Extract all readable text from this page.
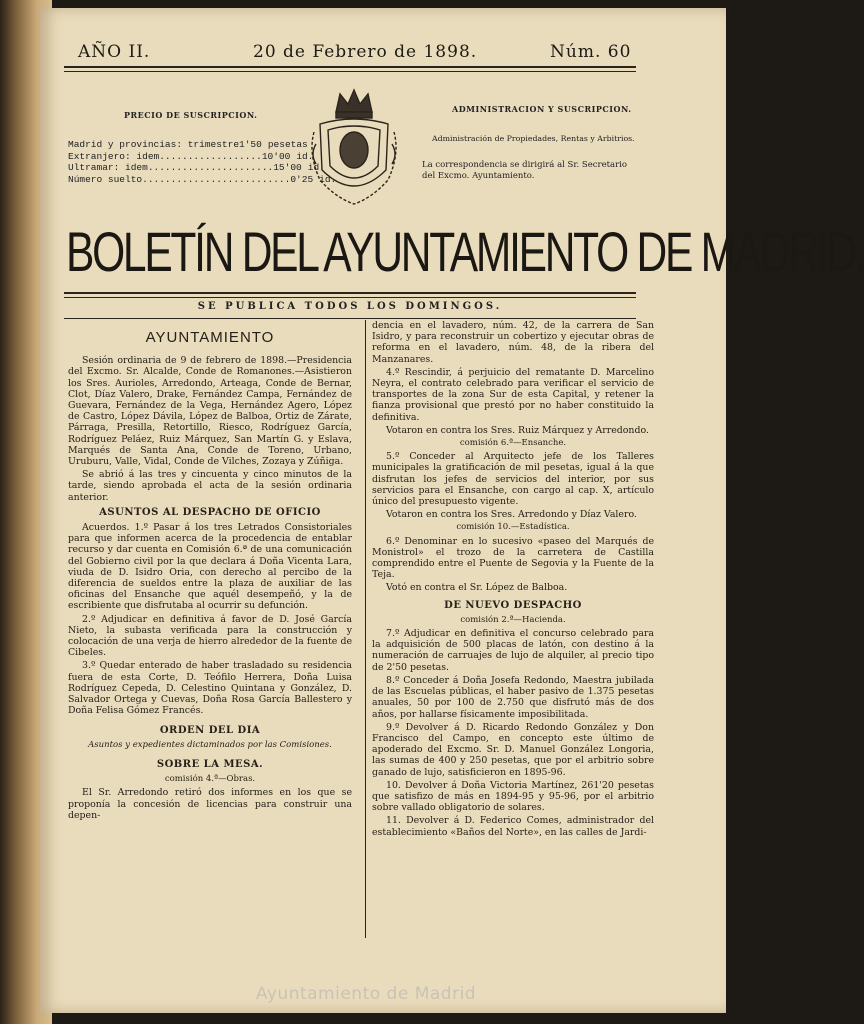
AÑO II.	20 de Febrero de 1898.	Núm. 60
PRECIO DE SUSCRIPCION.
Madrid y provincias: trimestre 1'50 pesetas
Extranjero: idem.................. 10'00 id.
Ultramar: idem...................... 15'00 id.
Número suelto.......................... 0'25 id.
ADMINISTRACION Y SUSCRIPCION.
Administración de Propiedades, Rentas y Arbitrios.
La correspondencia se dirigirá al Sr. Secretario del Excmo. Ayuntamiento.
BOLETÍN DEL AYUNTAMIENTO DE MADRID.
SE PUBLICA TODOS LOS DOMINGOS.
AYUNTAMIENTO

Sesión ordinaria de 9 de febrero de 1898.—Presidencia del Excmo. Sr. Alcalde, Conde de Romanones.—Asistieron los Sres. Aurioles, Arredondo, Arteaga, Conde de Bernar, Clot, Díaz Valero, Drake, Fernández Campa, Fernández de Guevara, Fernández de la Vega, Hernández Agero, López de Castro, López Dávila, López de Balboa, Ortiz de Zárate, Párraga, Presilla, Retortillo, Riesco, Rodríguez García, Rodríguez Peláez, Ruiz Márquez, San Martín G. y Eslava, Marqués de Santa Ana, Conde de Toreno, Urbano, Uruburu, Valle, Vidal, Conde de Vilches, Zozaya y Zúñiga.

Se abrió á las tres y cincuenta y cinco minutos de la tarde, siendo aprobada el acta de la sesión ordinaria anterior.

ASUNTOS AL DESPACHO DE OFICIO

Acuerdos. 1.º Pasar á los tres Letrados Consistoriales para que informen acerca de la procedencia de entablar recurso y dar cuenta en Comisión 6.ª de una comunicación del Gobierno civil por la que declara á Doña Vicenta Lara, viuda de D. Isidro Oria, con derecho al percibo de la diferencia de sueldos entre la plaza de auxiliar de las oficinas del Ensanche que aquél desempeñó, y la de escribiente que disfrutaba al ocurrir su defunción.

2.º Adjudicar en definitiva á favor de D. José García Nieto, la subasta verificada para la construcción y colocación de una verja de hierro alrededor de la fuente de Cibeles.

3.º Quedar enterado de haber trasladado su residencia fuera de esta Corte, D. Teófilo Herrera, Doña Luisa Rodríguez Cepeda, D. Celestino Quintana y González, D. Salvador Ortega y Cuevas, Doña Rosa García Ballestero y Doña Felisa Gómez Francés.

ORDEN DEL DIA

Asuntos y expedientes dictaminados por las Comisiones.

SOBRE LA MESA.

comisión 4.ª—Obras.

El Sr. Arredondo retiró dos informes en los que se proponía la concesión de licencias para construir una depen-

dencia en el lavadero, núm. 42, de la carrera de San Isidro, y para reconstruir un cobertizo y ejecutar obras de reforma en el lavadero, núm. 48, de la ribera del Manzanares.

4.º Rescindir, á perjuicio del rematante D. Marcelino Neyra, el contrato celebrado para verificar el servicio de transportes de la zona Sur de esta Capital, y retener la fianza provisional que prestó por no haber constituido la definitiva.

Votaron en contra los Sres. Ruiz Márquez y Arredondo.

comisión 6.ª—Ensanche.

5.º Conceder al Arquitecto jefe de los Talleres municipales la gratificación de mil pesetas, igual á la que disfrutan los jefes de servicios del interior, por sus servicios para el Ensanche, con cargo al cap. X, artículo único del presupuesto vigente.

Votaron en contra los Sres. Arredondo y Díaz Valero.

comisión 10.—Estadística.

6.º Denominar en lo sucesivo «paseo del Marqués de Monistrol» el trozo de la carretera de Castilla comprendido entre el Puente de Segovia y la Fuente de la Teja.

Votó en contra el Sr. López de Balboa.

DE NUEVO DESPACHO

comisión 2.ª—Hacienda.

7.º Adjudicar en definitiva el concurso celebrado para la adquisición de 500 placas de latón, con destino á la numeración de carruajes de lujo de alquiler, al precio tipo de 2'50 pesetas.

8.º Conceder á Doña Josefa Redondo, Maestra jubilada de las Escuelas públicas, el haber pasivo de 1.375 pesetas anuales, 50 por 100 de 2.750 que disfrutó más de dos años, por hallarse físicamente imposibilitada.

9.º Devolver á D. Ricardo Redondo González y Don Francisco del Campo, en concepto este último de apoderado del Excmo. Sr. D. Manuel González Longoria, las sumas de 400 y 250 pesetas, que por el arbitrio sobre ganado de lujo, satisficieron en 1895-96.

10. Devolver á Doña Victoria Martínez, 261'20 pesetas que satisfizo de más en 1894-95 y 95-96, por el arbitrio sobre vallado obligatorio de solares.

11. Devolver á D. Federico Comes, administrador del establecimiento «Baños del Norte», en las calles de Jardi-

Ayuntamiento de Madrid
